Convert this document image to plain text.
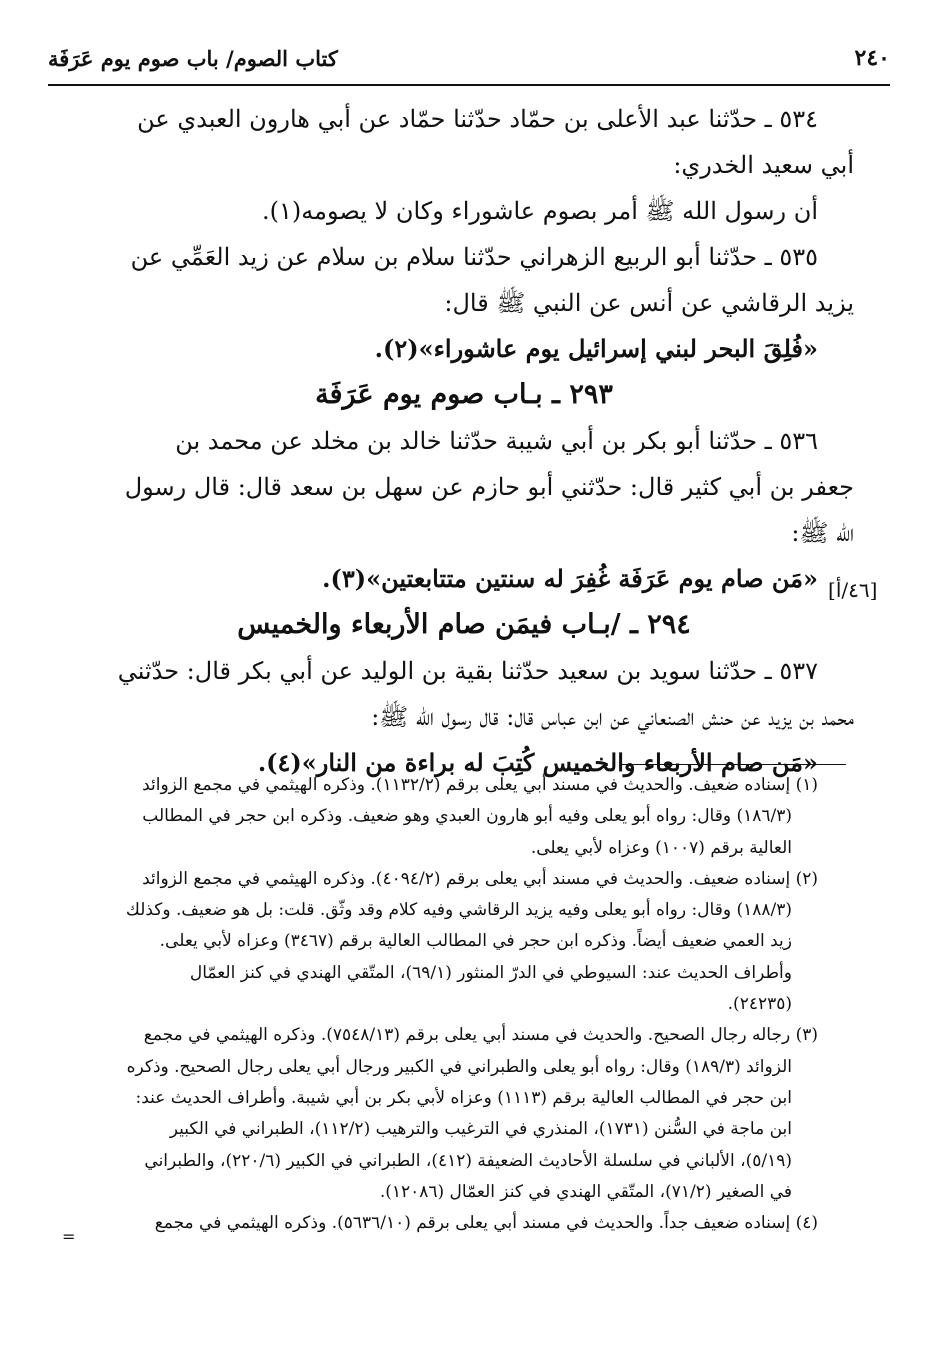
٢٤٠
كتاب الصوم/ باب صوم يوم عَرَفَة
[٤٦/أ]
٥٣٤ ـ حدّثنا عبد الأعلى بن حمّاد حدّثنا حمّاد عن أبي هارون العبدي عن
أبي سعيد الخدري:
أن رسول الله ﷺ أمر بصوم عاشوراء وكان لا يصومه(١).
٥٣٥ ـ حدّثنا أبو الربيع الزهراني حدّثنا سلام بن سلام عن زيد العَمِّي عن
يزيد الرقاشي عن أنس عن النبي ﷺ قال:
«فُلِقَ البحر لبني إسرائيل يوم عاشوراء»(٢).
٢٩٣ ـ بـاب صوم يوم عَرَفَة
٥٣٦ ـ حدّثنا أبو بكر بن أبي شيبة حدّثنا خالد بن مخلد عن محمد بن
جعفر بن أبي كثير قال: حدّثني أبو حازم عن سهل بن سعد قال: قال رسول
الله ﷺ:
«مَن صام يوم عَرَفَة غُفِرَ له سنتين متتابعتين»(٣).
٢٩٤ ـ /بـاب فيمَن صام الأربعاء والخميس
٥٣٧ ـ حدّثنا سويد بن سعيد حدّثنا بقية بن الوليد عن أبي بكر قال: حدّثني
محمد بن يزيد عن حنش الصنعاني عن ابن عباس قال: قال رسول الله ﷺ:
«مَن صام الأربعاء والخميس كُتِبَ له براءة من النار»(٤).
(١) إسناده ضعيف. والحديث في مسند أبي يعلى برقم (١١٣٢/٢). وذكره الهيثمي في مجمع الزوائد
(١٨٦/٣) وقال: رواه أبو يعلى وفيه أبو هارون العبدي وهو ضعيف. وذكره ابن حجر في المطالب
العالية برقم (١٠٠٧) وعزاه لأبي يعلى.
(٢) إسناده ضعيف. والحديث في مسند أبي يعلى برقم (٤٠٩٤/٢). وذكره الهيثمي في مجمع الزوائد
(١٨٨/٣) وقال: رواه أبو يعلى وفيه يزيد الرقاشي وفيه كلام وقد وثّق. قلت: بل هو ضعيف. وكذلك
زيد العمي ضعيف أيضاً. وذكره ابن حجر في المطالب العالية برقم (٣٤٦٧) وعزاه لأبي يعلى.
وأطراف الحديث عند: السيوطي في الدرّ المنثور (٦٩/١)، المتّقي الهندي في كنز العمّال
(٢٤٢٣٥).
(٣) رجاله رجال الصحيح. والحديث في مسند أبي يعلى برقم (٧٥٤٨/١٣). وذكره الهيثمي في مجمع
الزوائد (١٨٩/٣) وقال: رواه أبو يعلى والطبراني في الكبير ورجال أبي يعلى رجال الصحيح. وذكره
ابن حجر في المطالب العالية برقم (١١١٣) وعزاه لأبي بكر بن أبي شيبة. وأطراف الحديث عند:
ابن ماجة في السُّنن (١٧٣١)، المنذري في الترغيب والترهيب (١١٢/٢)، الطبراني في الكبير
(٥/١٩)، الألباني في سلسلة الأحاديث الضعيفة (٤١٢)، الطبراني في الكبير (٢٢٠/٦)، والطبراني
في الصغير (٧١/٢)، المتّقي الهندي في كنز العمّال (١٢٠٨٦).
(٤) إسناده ضعيف جداً. والحديث في مسند أبي يعلى برقم (٥٦٣٦/١٠). وذكره الهيثمي في مجمع
=
